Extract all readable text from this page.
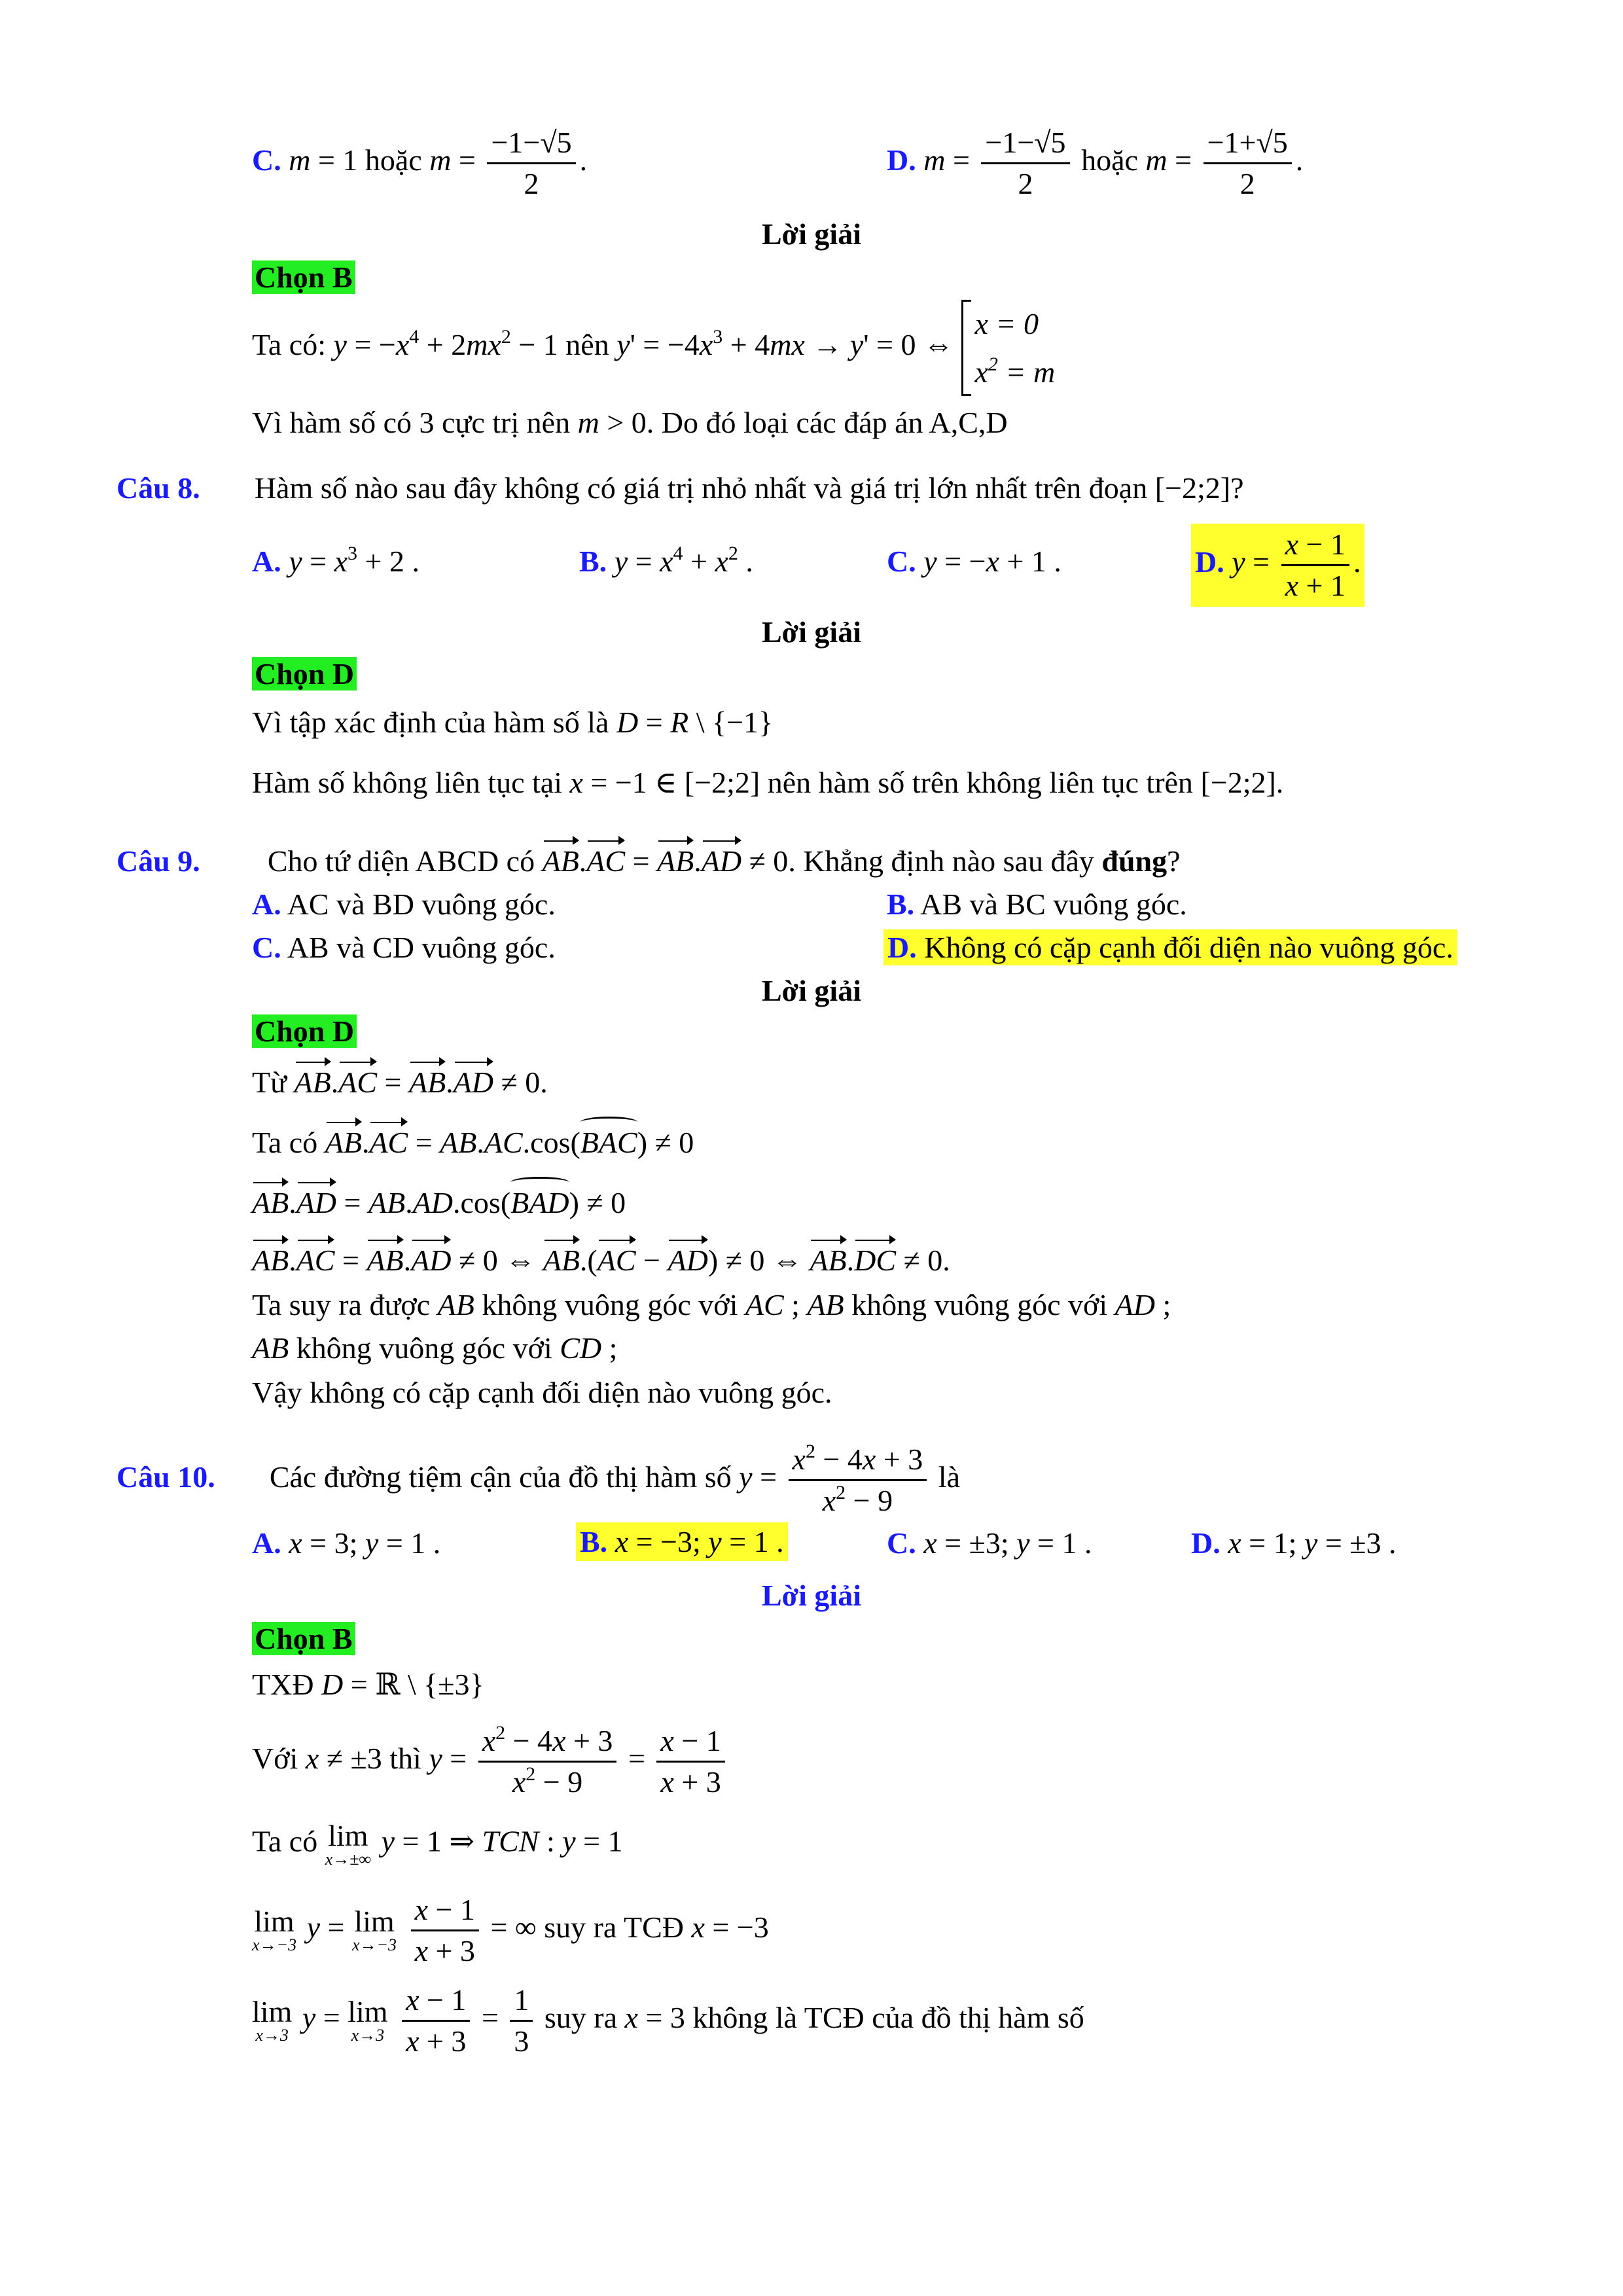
C. m = 1 hoặc $m = \frac{-1-√5}{2}$ .	D. $m = \frac{-1-√5}{2}$ hoặc $m = \frac{-1+√5}{2}$ .
Lời giải
Chọn B
Ta có: $y = -x^4 + 2mx^2 - 1$ nên $y' = -4x^3 + 4mx \to y' = 0$ ⇔
x = 0
$x^2 = m$
Vì hàm số có 3 cực trị nên m > 0. Do đó loại các đáp án A,C,D
Câu 8. Hàm số nào sau đây không có giá trị nhỏ nhất và giá trị lớn nhất trên đoạn [−2;2]?
A. $y = x^3 + 2$ .	B. $y = x^4 + x^2$ .	C. y = −x + 1 .	D. $y = \frac{x - 1}{x + 1}$ .
Lời giải
Chọn D
Vì tập xác định của hàm số là D = R \ {−1}
Hàm số không liên tục tại x = −1 ∈ [−2;2] nên hàm số trên không liên tục trên [−2;2].
Câu 9. Cho tứ diện ABCD có AB.AC = AB.AD ≠ 0. Khẳng định nào sau đây đúng?
A. AC và BD vuông góc.	B. AB và BC vuông góc.
C. AB và CD vuông góc.	D. Không có cặp cạnh đối diện nào vuông góc.
Lời giải
Chọn D
Từ AB.AC = AB.AD ≠ 0.
Ta có AB.AC = AB.AC.cos(BAC) ≠ 0
AB.AD = AB.AD.cos(BAD) ≠ 0
AB.AC = AB.AD ≠ 0 ⇔ AB.(AC − AD) ≠ 0 ⇔ AB.DC ≠ 0.
Ta suy ra được AB không vuông góc với AC ; AB không vuông góc với AD ;
AB không vuông góc với CD ;
Vậy không có cặp cạnh đối diện nào vuông góc.
Câu 10. Các đường tiệm cận của đồ thị hàm số $y = \frac{x^2 - 4x + 3}{x^2 - 9}$ là
A. x = 3; y = 1 .	B. x = −3; y = 1 .	C. x = ±3; y = 1 .	D. x = 1; y = ±3 .
Lời giải
Chọn B
TXĐ D = ℝ \ {±3}
Với x ≠ ±3 thì $y = \frac{x^2 - 4x + 3}{x^2 - 9} = \frac{x - 1}{x + 3}$
Ta có lim
x→±∞
y = 1 ⇒ TCN : y = 1
lim
x→−3
y = lim
x→−3
$\frac{x - 1}{x + 3}$ = ∞ suy ra TCĐ x = −3
lim
x→3
y = lim
x→3
$\frac{x - 1}{x + 3} = \frac{1}{3}$ suy ra x = 3 không là TCĐ của đồ thị hàm số
